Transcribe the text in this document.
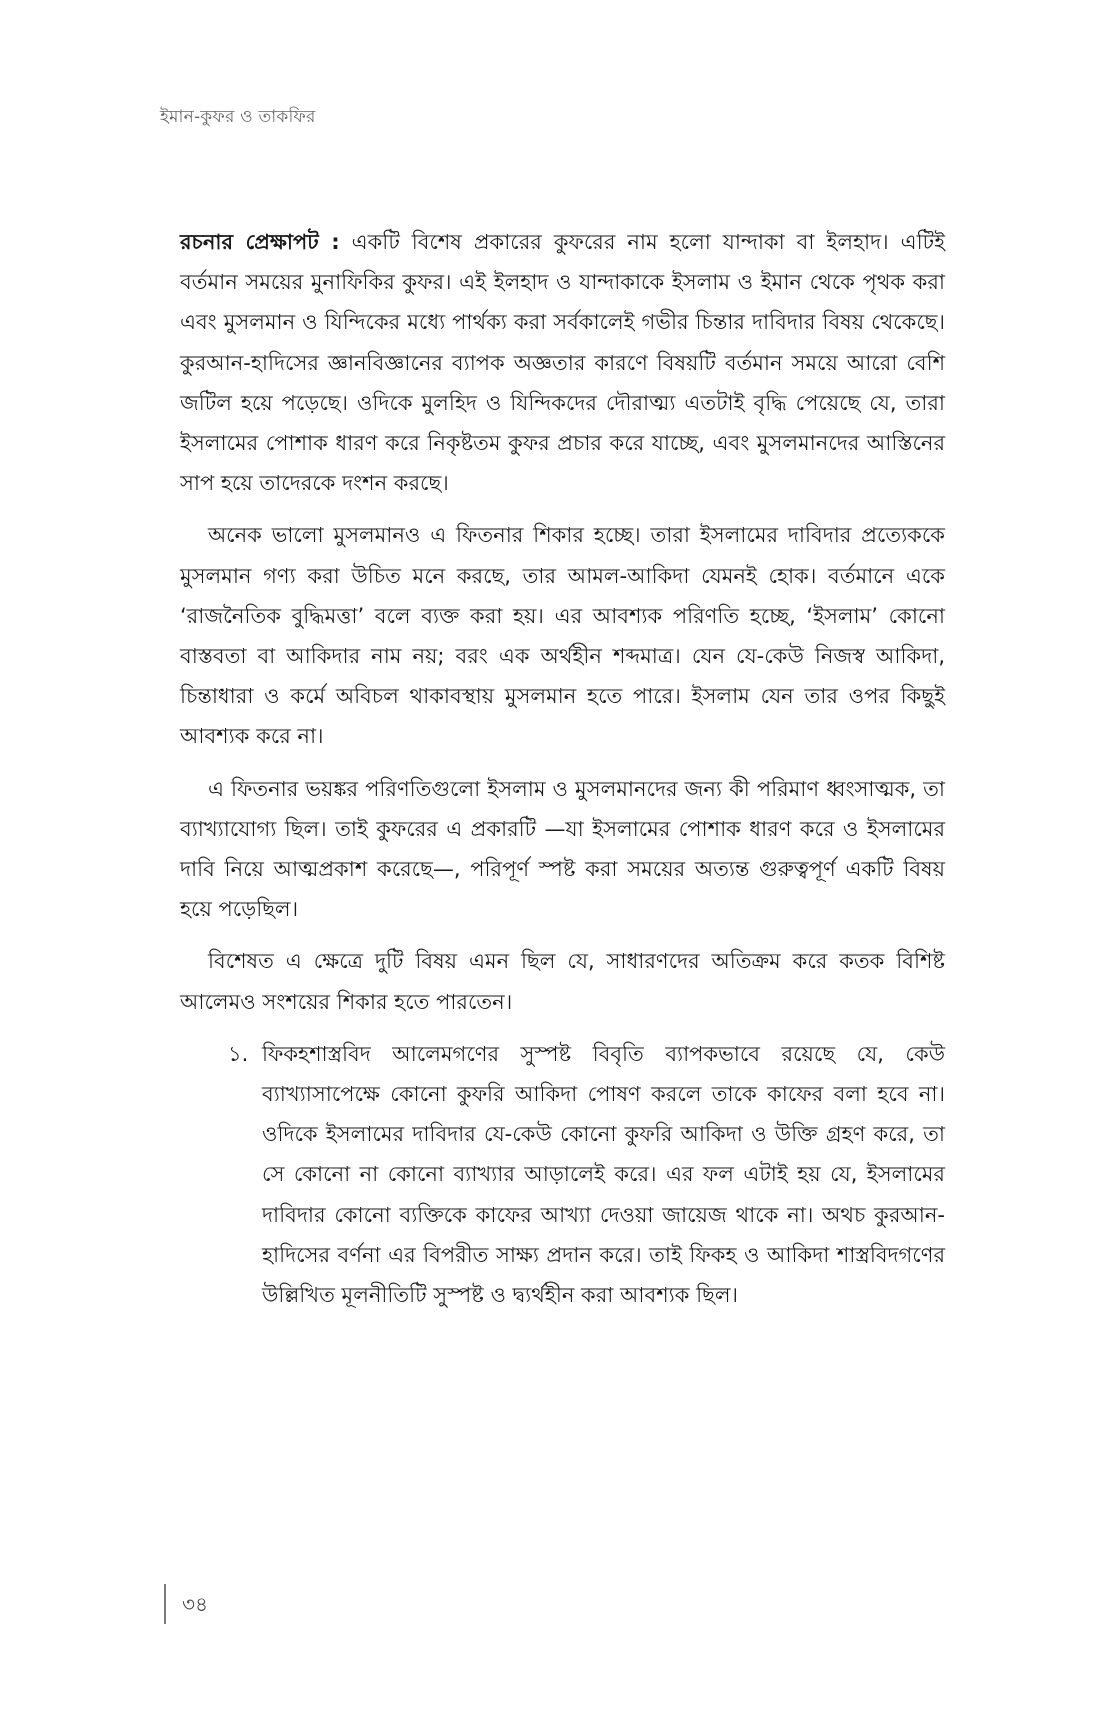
ইমান-কুফর ও তাকফির

রচনার প্রেক্ষাপট : একটি বিশেষ প্রকারের কুফরের নাম হলো যান্দাকা বা ইলহাদ। এটিই বর্তমান সময়ের মুনাফিকির কুফর। এই ইলহাদ ও যান্দাকাকে ইসলাম ও ইমান থেকে পৃথক করা এবং মুসলমান ও যিন্দিকের মধ্যে পার্থক্য করা সর্বকালেই গভীর চিন্তার দাবিদার বিষয় থেকেছে। কুরআন-হাদিসের জ্ঞানবিজ্ঞানের ব্যাপক অজ্ঞতার কারণে বিষয়টি বর্তমান সময়ে আরো বেশি জটিল হয়ে পড়েছে। ওদিকে মুলহিদ ও যিন্দিকদের দৌরাত্ম্য এতটাই বৃদ্ধি পেয়েছে যে, তারা ইসলামের পোশাক ধারণ করে নিকৃষ্টতম কুফর প্রচার করে যাচ্ছে, এবং মুসলমানদের আস্তিনের সাপ হয়ে তাদেরকে দংশন করছে।

অনেক ভালো মুসলমানও এ ফিতনার শিকার হচ্ছে। তারা ইসলামের দাবিদার প্রত্যেককে মুসলমান গণ্য করা উচিত মনে করছে, তার আমল-আকিদা যেমনই হোক। বর্তমানে একে ‘রাজনৈতিক বুদ্ধিমত্তা’ বলে ব্যক্ত করা হয়। এর আবশ্যক পরিণতি হচ্ছে, ‘ইসলাম’ কোনো বাস্তবতা বা আকিদার নাম নয়; বরং এক অর্থহীন শব্দমাত্র। যেন যে-কেউ নিজস্ব আকিদা, চিন্তাধারা ও কর্মে অবিচল থাকাবস্থায় মুসলমান হতে পারে। ইসলাম যেন তার ওপর কিছুই আবশ্যক করে না।

এ ফিতনার ভয়ঙ্কর পরিণতিগুলো ইসলাম ও মুসলমানদের জন্য কী পরিমাণ ধ্বংসাত্মক, তা ব্যাখ্যাযোগ্য ছিল। তাই কুফরের এ প্রকারটি —যা ইসলামের পোশাক ধারণ করে ও ইসলামের দাবি নিয়ে আত্মপ্রকাশ করেছে—, পরিপূর্ণ স্পষ্ট করা সময়ের অত্যন্ত গুরুত্বপূর্ণ একটি বিষয় হয়ে পড়েছিল।

বিশেষত এ ক্ষেত্রে দুটি বিষয় এমন ছিল যে, সাধারণদের অতিক্রম করে কতক বিশিষ্ট আলেমও সংশয়ের শিকার হতে পারতেন।

১. ফিকহশাস্ত্রবিদ আলেমগণের সুস্পষ্ট বিবৃতি ব্যাপকভাবে রয়েছে যে, কেউ ব্যাখ্যাসাপেক্ষে কোনো কুফরি আকিদা পোষণ করলে তাকে কাফের বলা হবে না। ওদিকে ইসলামের দাবিদার যে-কেউ কোনো কুফরি আকিদা ও উক্তি গ্রহণ করে, তা সে কোনো না কোনো ব্যাখ্যার আড়ালেই করে। এর ফল এটাই হয় যে, ইসলামের দাবিদার কোনো ব্যক্তিকে কাফের আখ্যা দেওয়া জায়েজ থাকে না। অথচ কুরআন-হাদিসের বর্ণনা এর বিপরীত সাক্ষ্য প্রদান করে। তাই ফিকহ ও আকিদা শাস্ত্রবিদগণের উল্লিখিত মূলনীতিটি সুস্পষ্ট ও দ্ব্যর্থহীন করা আবশ্যক ছিল।
৩৪
